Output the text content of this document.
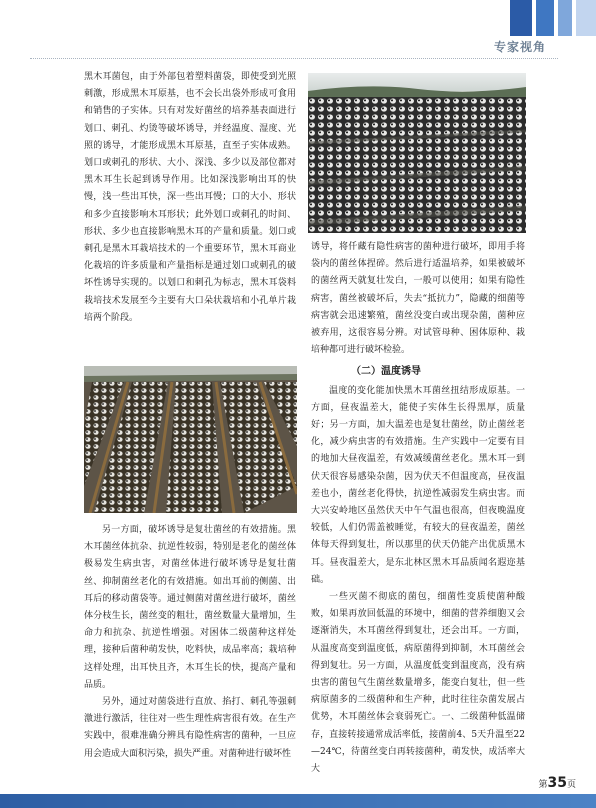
专家视角

黑木耳菌包，由于外部包着塑料菌袋，即使受到光照刺激，形成黑木耳原基，也不会长出袋外形成可食用和销售的子实体。只有对发好菌丝的培养基表面进行划口、刺孔、灼烫等破坏诱导，并经温度、湿度、光照的诱导，才能形成黑木耳原基，直至子实体成熟。划口或刺孔的形状、大小、深浅、多少以及部位都对黑木耳生长起到诱导作用。比如深浅影响出耳的快慢，浅一些出耳快，深一些出耳慢；口的大小、形状和多少直接影响木耳形状；此外划口或刺孔的时间、形状、多少也直接影响黑木耳的产量和质量。划口或刺孔是黑木耳栽培技术的一个重要环节，黑木耳商业化栽培的许多质量和产量指标是通过划口或刺孔的破坏性诱导实现的。以划口和刺孔为标志，黑木耳袋料栽培技术发展至今主要有大口朵状栽培和小孔单片栽培两个阶段。

诱导，将仟藏有隐性病害的菌种进行破坏，即用手将袋内的菌丝体捏碎。然后进行适温培养，如果被破坏的菌丝两天就复壮发白，一般可以使用；如果有隐性病害，菌丝被破坏后，失去“抵抗力”，隐藏的细菌等病害就会迅速繁殖，菌丝没变白或出现杂菌，菌种应被弃用，这很容易分辨。对试管母种、困体原种、栽培种都可进行破坏检验。

（二）温度诱导

温度的变化能加快黑木耳菌丝扭结形成原基。一方面，昼夜温差大，能使子实体生长得黑厚，质量好；另一方面，加大温差也是复壮菌丝，防止菌丝老化，减少病虫害的有效措施。生产实践中一定要有目的地加大昼夜温差，有效减缓菌丝老化。黑木耳一到伏天很容易感染杂菌，因为伏天不但温度高，昼夜温差也小，菌丝老化得快，抗逆性减弱发生病虫害。而大兴安岭地区虽然伏天中午气温也很高，但夜晚温度较低，人们仍需盖被睡觉，有较大的昼夜温差，菌丝体每天得到复壮，所以那里的伏天仍能产出优质黑木耳。昼夜温差大，是东北林区黑木耳品质闻名遐迩基础。

一些灭菌不彻底的菌包，细菌性变质使菌种酸败，如果再放回低温的环境中，细菌的营养细胞又会逐渐消失，木耳菌丝得到复壮，还会出耳。一方面，从温度高变到温度低，病原菌得到抑制，木耳菌丝会得到复壮。另一方面，从温度低变到温度高，没有病虫害的菌包气生菌丝数量增多，能变白复壮，但一些病原菌多的二级菌种和生产种，此时往往杂菌发展占优势，木耳菌丝体会衰弱死亡。一、二级菌种低温储存，直接转接通常成活率低，接菌前4、5天升温至22—24℃，待菌丝变白再转接菌种，萌发快，成活率大大

另一方面，破坏诱导是复壮菌丝的有效措施。黑木耳菌丝体抗杂、抗逆性较弱，特别是老化的菌丝体极易发生病虫害，对菌丝体进行破坏诱导是复壮菌丝、抑制菌丝老化的有效措施。如出耳前的侧菌、出耳后的移动菌袋等。通过侧菌对菌丝进行破坏，菌丝体分枝生长，菌丝变的粗壮，菌丝数量大量增加，生命力和抗杂、抗逆性增强。对困体二级菌种这样处理，接种后菌种萌发快，吃料快，成品率高；栽培种这样处理，出耳快且齐，木耳生长的快，提高产量和品质。

另外，通过对菌袋进行直放、掐打、刺孔等强刺激进行激活，往往对一些生理性病害很有效。在生产实践中，很难准确分辨具有隐性病害的菌种，一旦应用会造成大面积污染，损失严重。对菌种进行破坏性

第35页
